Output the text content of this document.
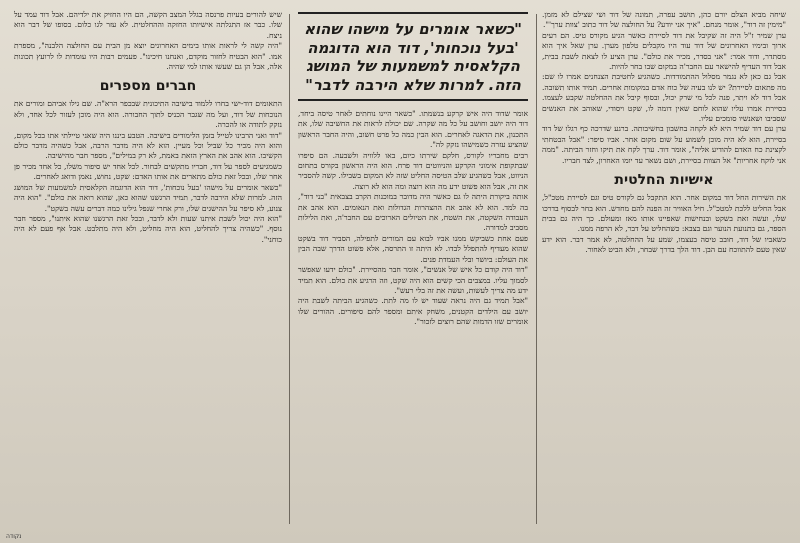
שיחה מביא הצלם יורם כהן, תושב עפרה, תמונה של דוד ושי שצילם לא מזמן. "מימין זה דוד", אומר מנחם. "איך אני יודע? על החולצה של דוד כתוב 'צוות ערך'".

ערן שמיר ז"ל היה זה שקיבל את דוד לסיירת כאשר הגיע מקורס טיס. הם רעים ארוך ובימיו האחרונים של דוד עוד היו מקבלים טלפון מערן. ערן שאל איך הוא מסתדר, ודוד אמר: "אני בסדר, מכיר את כולם". ערן הציע לו לצאת לשבת בבית, אבל דוד העדיף להישאר עם החבר'ה במקום שבו בחר להיות.

אבל גם כאן לא נגמר מסלול ההתמודדות. כשהגיע לחטיבת הצנחנים אמרו לו שם: מה פתאום לסיירת? יש לנו בעיה של כוח אדם במקומות אחרים. תמיד אותו תשובה. אבל דוד לא ויתר, פנה לכל מי שרק יכול, ובסוף קיבל את ההחלטה שקבע לעצמו. בסיירת אמרו עליו שהוא לוחם שאין דומה לו, שקט ויסודי, שאוהב את האנשים שסביבו ושאנשיו סומכים עליו.

ערן עם דוד שמיר היא לא לקחה בחשבון בחשיבותה. ברגע שדרכה כף רגלו של דוד בסיירת, הוא לא היה מוכן לשמוע על שום מקום אחר. אביו סיפר: "אבל הבטחתי לקצינת כח האדם להודיע אליה", אומר דוד. ערך לקח את תיקו וחזר הביתה. "ממה אני לוקח אחריות" אל הצוות בסיירת, ושם נשאר עד יומו האחרון, לצד חבריו.

אישיות החלטית

את השירות החל דוד במקום אחר. הוא התקבל גם לקורס טיס וגם לסיירת מטכ"ל, אבל החליט ללכת למטכ"ל. חיל האוויר זה הפנה להם מחדש. הוא בחר לבסוף בדרכו שלו, ועשה זאת בשקט ובנחישות שאפיינו אותו מאז ומעולם. כך היה גם בבית הספר, גם בתנועת הנוער וגם בצבא: כשהחליט על דבר, לא הרפה ממנו.

כשאביו של דוד, חובב טיסה בעצמו, שמע על ההחלטה, לא אמר דבר. הוא ידע שאין טעם להתווכח עם הבן. דוד הלך בדרך שבחר, ולא הביט לאחור.

"כשאר אומרים על מישהו שהוא 'בעל נוכחות', דוד הוא הדוגמה הקלאסית למשמעות של המושג הזה. למרות שלא הירבה לדבר"

אומר שדוד היה איש קרקע בנשמתו. "כשאר היינו נוחתים לאחר טיסה ביחד, דוד היה יושב וחושב על כל מה שקרה. שם יכולת לראות את החשיבה שלו, את התכנון, את הדאגה לאחרים. הוא הבין כמה כל פרט חשוב, והיה החבר הראשון שהציע עזרה כשמישהו נזקק לה".

רבים מחבריו לקורס, חלקם שירתו כיום, באו ללוויה ולשבעה. הם סיפרו שבתקופת אימוני הקרקע והניווטים דוד פרח. הוא היה הראשון בקורס בתחום הניווט, אבל כשהגיע שלב הטיסה החליט שזה לא המקום בשבילו. קשה להסביר את זה, אבל הוא פשוט ידע מה הוא רוצה ומה הוא לא רוצה.

אותה ביקורת היתה לו גם כאשר היה מדובר במוכנות הקרב בצבאית "בני דוד", בה למד. הוא לא אהב את ההצהרות הגדולות ואת הנאומים. הוא אהב את העבודה השקטה, את השטח, את הטיולים הארוכים עם החבר'ה, ואת הלילות מסביב למדורה.

פעם אחת כשביקש ממנו אביו לבוא עם המורים לתפילה, הסביר דוד בשקט שהוא מעדיף להתפלל לבדו. לא היתה זו התרסה, אלא פשוט הדרך שבה הבין את העולם: ביושר ובלי העמדת פנים.

"דוד היה קודם כל איש של אנשים", אומר חבר מהסיירת. "כולם ידעו שאפשר לסמוך עליו. במצבים הכי קשים הוא היה שקט, וזה הרגיע את כולם. הוא תמיד ידע מה צריך לעשות, ועשה את זה בלי רעש".

"אבל תמיד גם היה נראה שעוד יש לו מה לתת. כשהגיע הביתה לשבת היה יושב עם הילדים הקטנים, משחק איתם ומספר להם סיפורים. ההורים שלו אומרים שזו הדמות שהם רוצים לזכור".

שיש להורים בעיות פרנסה בגלל המצב הקשה, הם היו החזיק את ילדיהם. אבל דוד עמד על שלו. כבר אז התגלתה אישיותו החזקה וההחלטית. לא עזר לגו כלום. בסופו של דבר הוא ניצח.

"היה קשה לי לראות אותו בימים האחרונים יוצא מן הבית עם החולצה הלבנה", מספרת אמו. "הוא הבטיח לחזור מוקדם, ואנחנו חיכינו". פעמים רבות היו עומדות לו לרועץ תכונות אלה, אבל הן גם שעשו אותו למי שהיה.

חברים מספרים

התאומים דוד-ישי בחרו ללמוד בישיבה התיכונית שבכפר הרא"ה. שם גילו אביהם ומורים את הנוכחות של דוד, ועל מה שגבר הכניס לתוך החבורה. הוא היה מוכן לעזור לכל אחד, ולא נזקק לתודה או להכרה.

"דוד ואני הרבינו לטייל בזמן הלימודים בישיבה. הטבע ביננו היה שאני טיילתי אתו בכל מקום, והוא היה מכיר כל שביל וכל מעיין. הוא לא היה מדבר הרבה, אבל כשהיה מדבר כולם הקשיבו. הוא אהב את הארץ הזאת באמת, לא רק במילים", מספר חבר מהישיבה.

כשמגיעים לספר על דוד, חבריו מתקשים לבחור. לכל אחד יש סיפור משלו, כל אחד מכיר פן אחר שלו, ובכל זאת כולם מתארים את אותו האדם: שקט, נחוש, נאמן ודואג לאחרים.

"כשאר אומרים על מישהו 'בעל נוכחות', דוד הוא הדוגמה הקלאסית למשמעות של המושג הזה. למרות שלא הירבה לדבר, תמיד הרגשנו שהוא כאן, שהוא רואה את כולם". "הוא היה צנוע, לא סיפר על ההישגים שלו, ורק אחרי שנפל גילינו כמה דברים עשה בשקט".

"הוא היה יכול לשבת איתנו שעות ולא לדבר, ובכל זאת הרגשנו שהוא איתנו", מספר חבר נוסף. "כשהיה צריך להחליט, הוא היה מחליט, ולא היה מתלבט. אבל אף פעם לא היה כוחני".

נקודה
